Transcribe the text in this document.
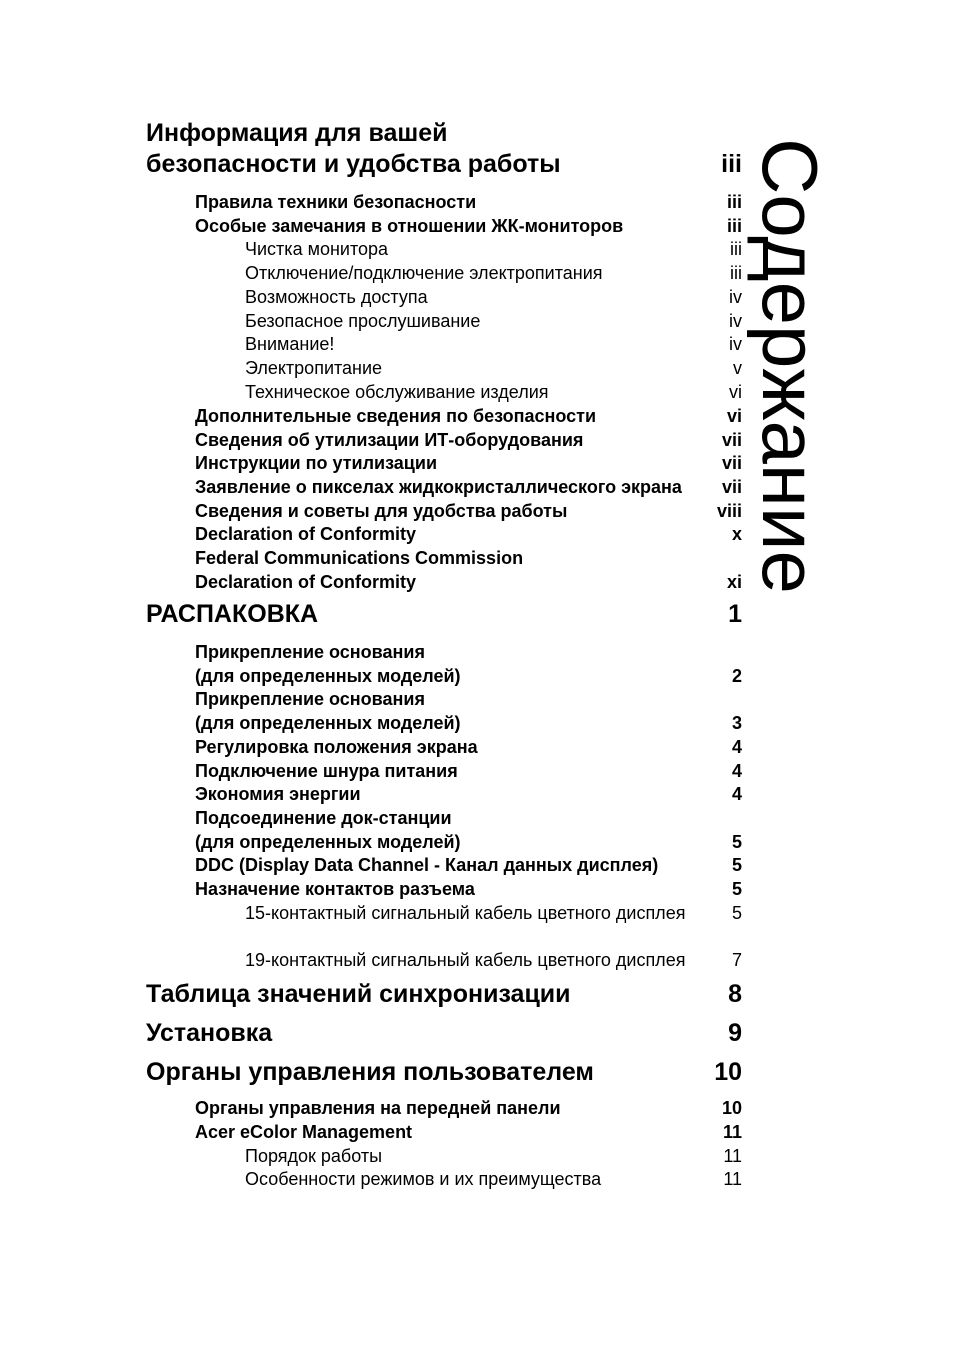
Содержание
Информация для вашей
безопасности и удобства работы	iii
Правила техники безопасности	iii
Особые замечания в отношении ЖК-мониторов	iii
Чистка монитора	iii
Отключение/подключение электропитания	iii
Возможность доступа	iv
Безопасное прослушивание	iv
Внимание!	iv
Электропитание	v
Техническое обслуживание изделия	vi
Дополнительные сведения по безопасности	vi
Сведения об утилизации ИТ-оборудования	vii
Инструкции по утилизации	vii
Заявление о пикселах жидкокристаллического экрана vii
Сведения и советы для удобства работы	viii
Declaration of Conformity	x
Federal Communications Commission
Declaration of Conformity	xi
РАСПАКОВКА	1
Прикрепление основания
(для определенных моделей)	2
Прикрепление основания
(для определенных моделей)	3
Регулировка положения экрана	4
Подключение шнура питания	4
Экономия энергии	4
Подсоединение док-станции
(для определенных моделей)	5
DDC (Display Data Channel - Канал данных дисплея)	5
Назначение контактов разъема	5
15-контактный сигнальный кабель цветного дисплея	5
19-контактный сигнальный кабель цветного дисплея	7
Таблица значений синхронизации	8
Установка	9
Органы управления пользователем	10
Органы управления на передней панели	10
Acer eColor Management	11
Порядок работы	11
Особенности режимов и их преимущества	11
